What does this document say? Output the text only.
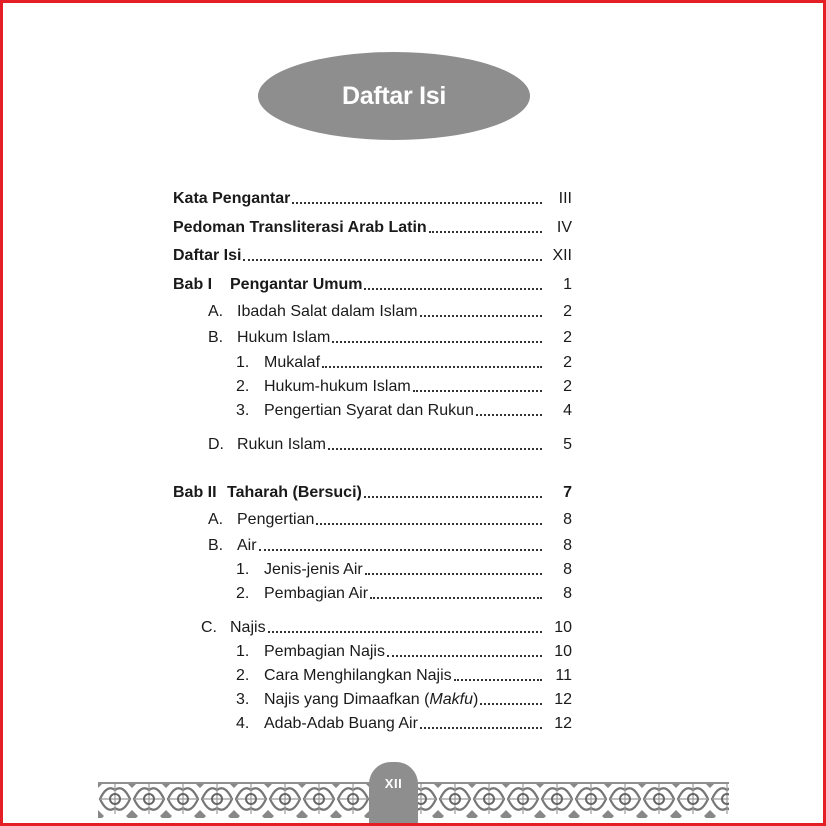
Daftar Isi
Kata Pengantar	III
Pedoman Transliterasi Arab Latin	IV
Daftar Isi	XII
Bab I	Pengantar Umum	1
A. Ibadah Salat dalam Islam	2
B. Hukum Islam	2
1. Mukalaf	2
2. Hukum-hukum Islam	2
3. Pengertian Syarat dan Rukun	4
D. Rukun Islam	5
Bab II Taharah (Bersuci)	7
A. Pengertian	8
B. Air	8
1. Jenis-jenis Air	8
2. Pembagian Air	8
C. Najis	10
1. Pembagian Najis	10
2. Cara Menghilangkan Najis	11
3. Najis yang Dimaafkan (Makfu)	12
4. Adab-Adab Buang Air	12
XII
